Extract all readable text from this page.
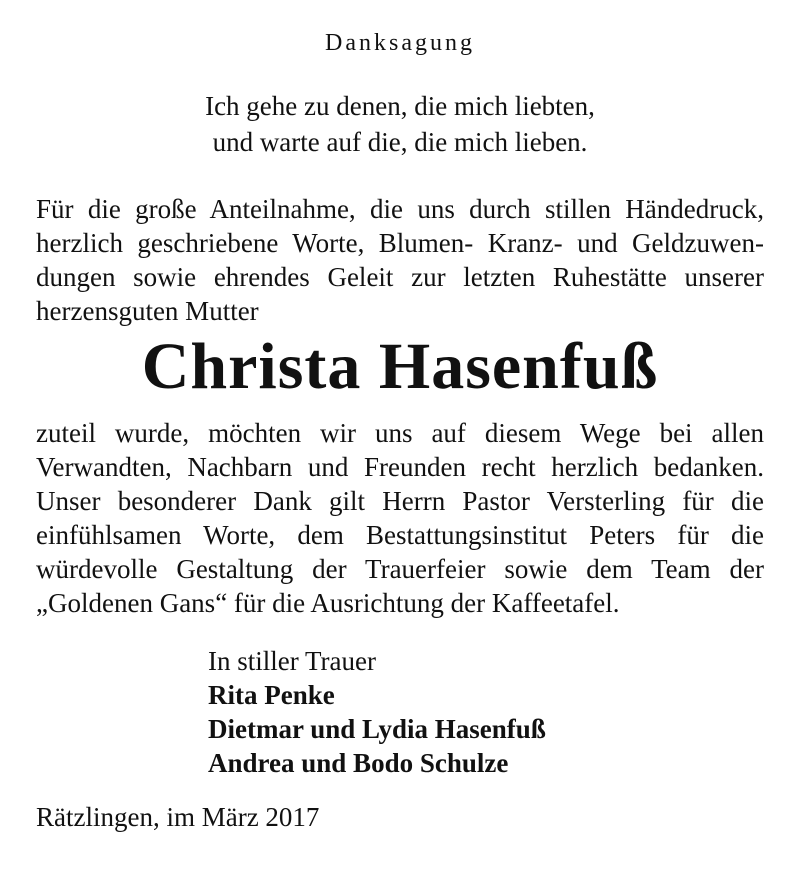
Danksagung
Ich gehe zu denen, die mich liebten,
und warte auf die, die mich lieben.
Für die große Anteilnahme, die uns durch stillen Händedruck,
herzlich geschriebene Worte, Blumen- Kranz- und Geldzuwen-
dungen sowie ehrendes Geleit zur letzten Ruhestätte unserer
herzensguten Mutter
Christa Hasenfuß
zuteil wurde, möchten wir uns auf diesem Wege bei allen
Verwandten, Nachbarn und Freunden recht herzlich bedanken.
Unser besonderer Dank gilt Herrn Pastor Versterling für die
einfühlsamen Worte, dem Bestattungsinstitut Peters für die
würdevolle Gestaltung der Trauerfeier sowie dem Team der
„Goldenen Gans“ für die Ausrichtung der Kaffeetafel.
In stiller Trauer
Rita Penke
Dietmar und Lydia Hasenfuß
Andrea und Bodo Schulze
Rätzlingen, im März 2017
